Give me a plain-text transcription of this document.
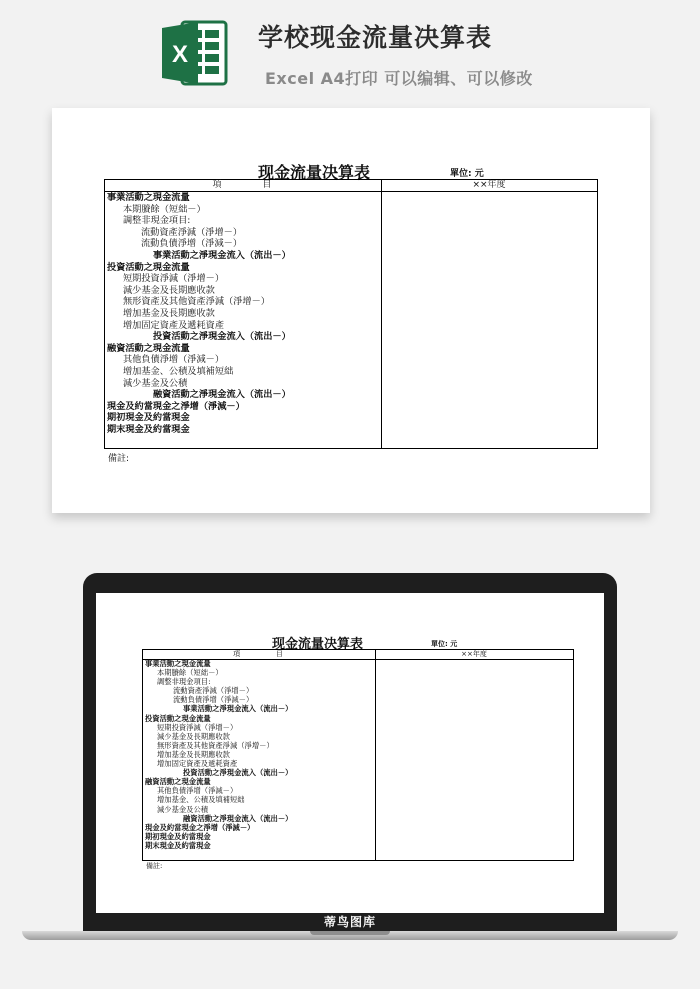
X
学校现金流量决算表
Excel A4打印 可以编辑、可以修改
现金流量决算表	單位: 元
項        目	××年度
事業活動之現金流量
本期賸餘（短絀－）
調整非現金項目:
流動資產淨減（淨增－）
流動負債淨增（淨減－）
事業活動之淨現金流入（流出－）
投資活動之現金流量
短期投資淨減（淨增－）
減少基金及長期應收款
無形資產及其他資產淨減（淨增－）
增加基金及長期應收款
增加固定資產及遞耗資產
投資活動之淨現金流入（流出－）
融資活動之現金流量
其他負債淨增（淨減－）
增加基金、公積及填補短絀
減少基金及公積
融資活動之淨現金流入（流出－）
現金及約當現金之淨增（淨減－）
期初現金及約當現金
期末現金及約當現金
備註:
现金流量决算表	單位: 元
項        目	××年度
事業活動之現金流量
本期賸餘（短絀－）
調整非現金項目:
流動資產淨減（淨增－）
流動負債淨增（淨減－）
事業活動之淨現金流入（流出－）
投資活動之現金流量
短期投資淨減（淨增－）
減少基金及長期應收款
無形資產及其他資產淨減（淨增－）
增加基金及長期應收款
增加固定資產及遞耗資產
投資活動之淨現金流入（流出－）
融資活動之現金流量
其他負債淨增（淨減－）
增加基金、公積及填補短絀
減少基金及公積
融資活動之淨現金流入（流出－）
現金及約當現金之淨增（淨減－）
期初現金及約當現金
期末現金及約當現金
備註:
蒂鸟图库
